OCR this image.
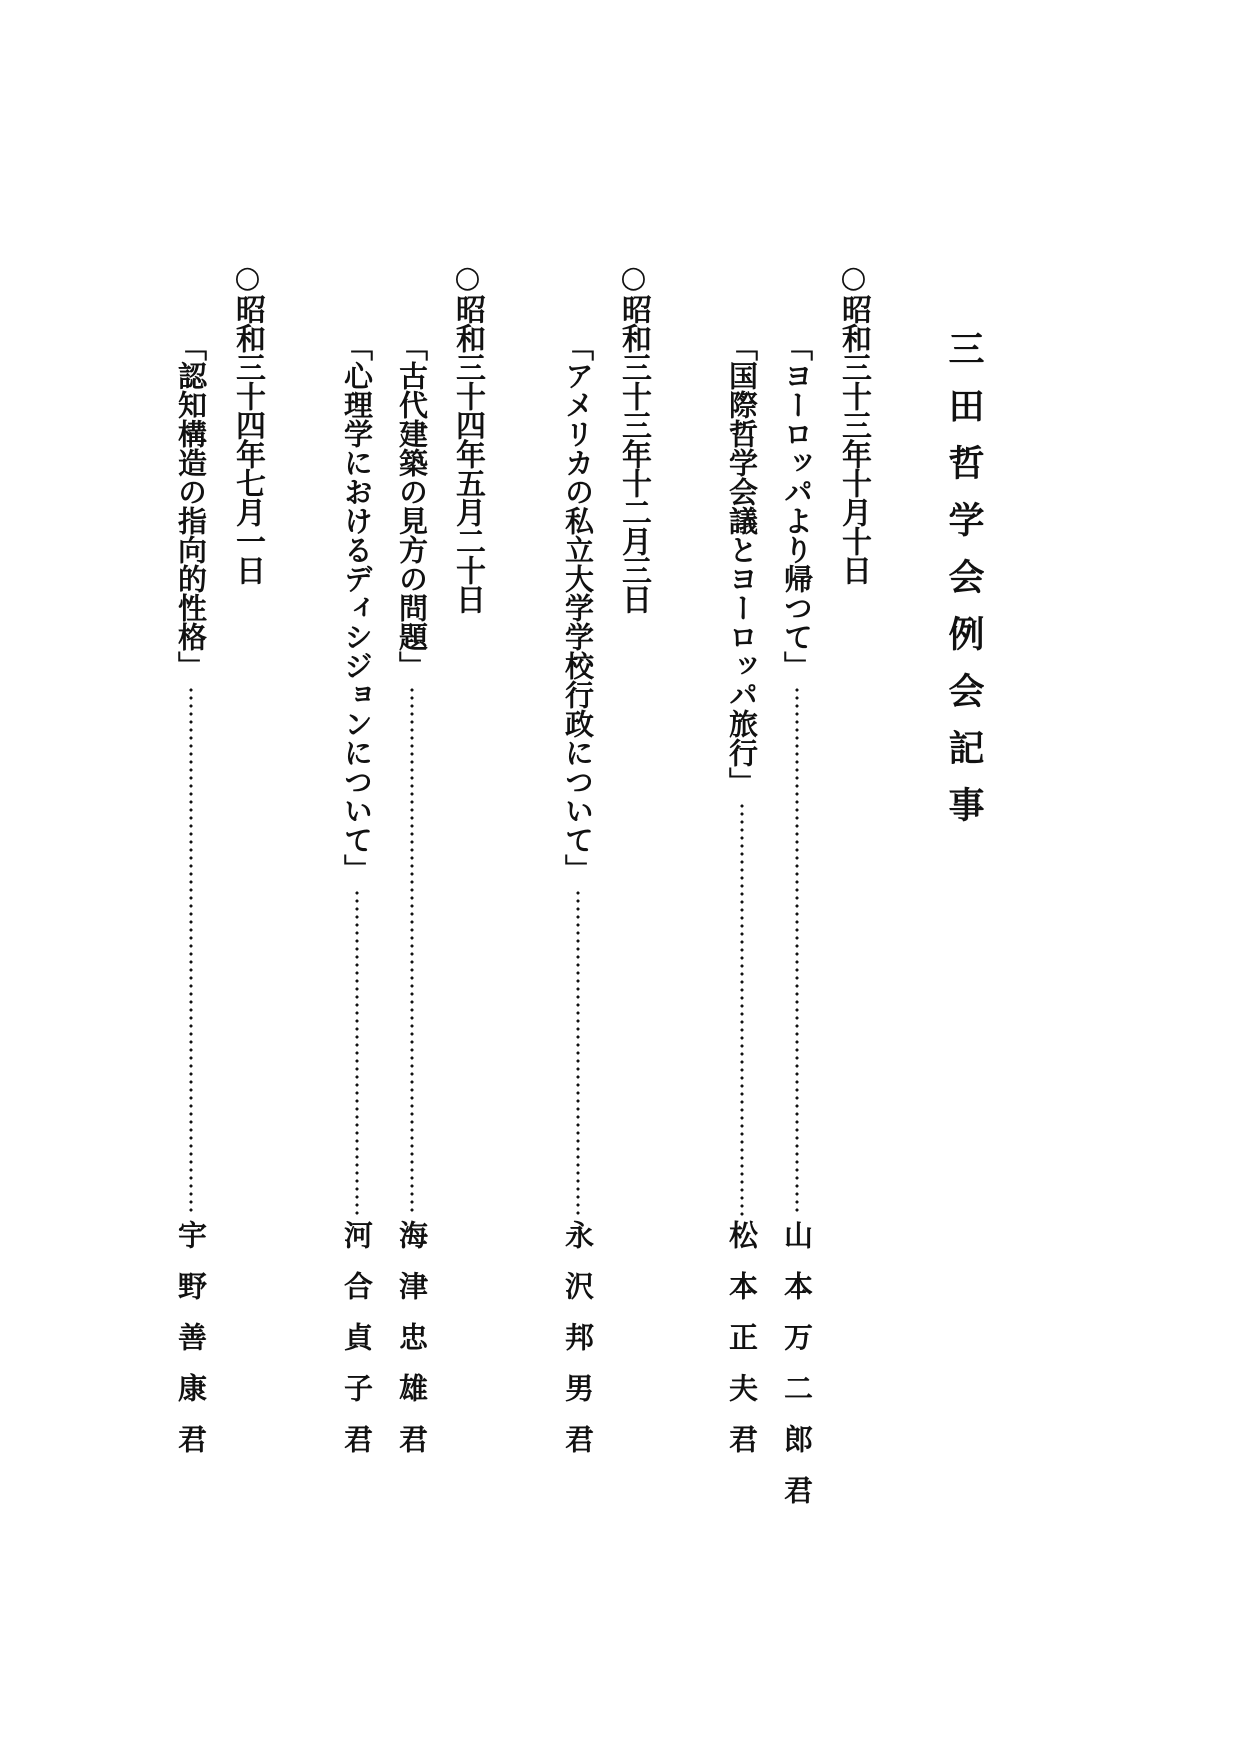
三田哲学会例会記事
○昭和三十三年十月十日
「ヨーロッパより帰つて」
山本万二郎君
「国際哲学会議とヨーロッパ旅行」
松本正夫君
○昭和三十三年十二月三日
「アメリカの私立大学学校行政について」
永沢邦男君
○昭和三十四年五月二十日
「古代建築の見方の問題」
海津忠雄君
「心理学におけるディシジョンについて」
河合貞子君
○昭和三十四年七月一日
「認知構造の指向的性格」
宇野善康君
